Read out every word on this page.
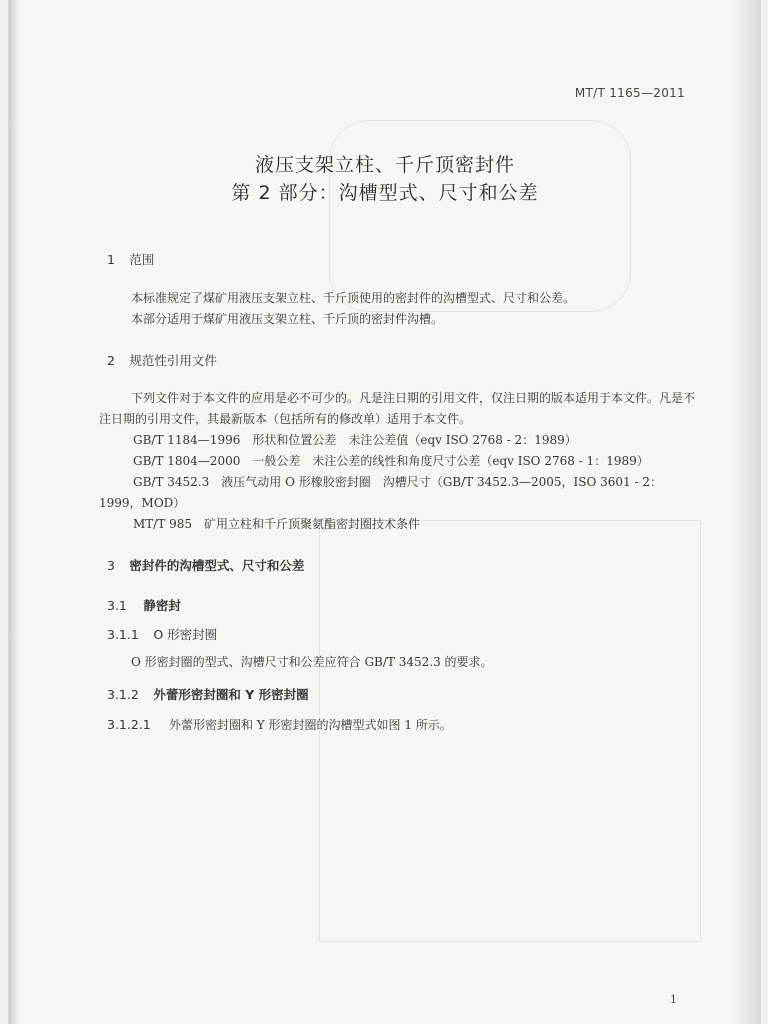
MT/T 1165—2011
液压支架立柱、千斤顶密封件
第 2 部分：沟槽型式、尺寸和公差
1 范围
本标准规定了煤矿用液压支架立柱、千斤顶使用的密封件的沟槽型式、尺寸和公差。
本部分适用于煤矿用液压支架立柱、千斤顶的密封件沟槽。
2 规范性引用文件
下列文件对于本文件的应用是必不可少的。凡是注日期的引用文件，仅注日期的版本适用于本文件。凡是不注日期的引用文件，其最新版本（包括所有的修改单）适用于本文件。
GB/T 1184—1996　形状和位置公差　未注公差值（eqv ISO 2768 - 2：1989）
GB/T 1804—2000　一般公差　未注公差的线性和角度尺寸公差（eqv ISO 2768 - 1：1989）
GB/T 3452.3　液压气动用 O 形橡胶密封圈　沟槽尺寸（GB/T 3452.3—2005，ISO 3601 - 2：
1999，MOD）
MT/T 985　矿用立柱和千斤顶聚氨酯密封圈技术条件
3 密封件的沟槽型式、尺寸和公差
3.1 静密封
3.1.1 O 形密封圈
O 形密封圈的型式、沟槽尺寸和公差应符合 GB/T 3452.3 的要求。
3.1.2 外蕾形密封圈和 Y 形密封圈
3.1.2.1 外蕾形密封圈和 Y 形密封圈的沟槽型式如图 1 所示。
1
